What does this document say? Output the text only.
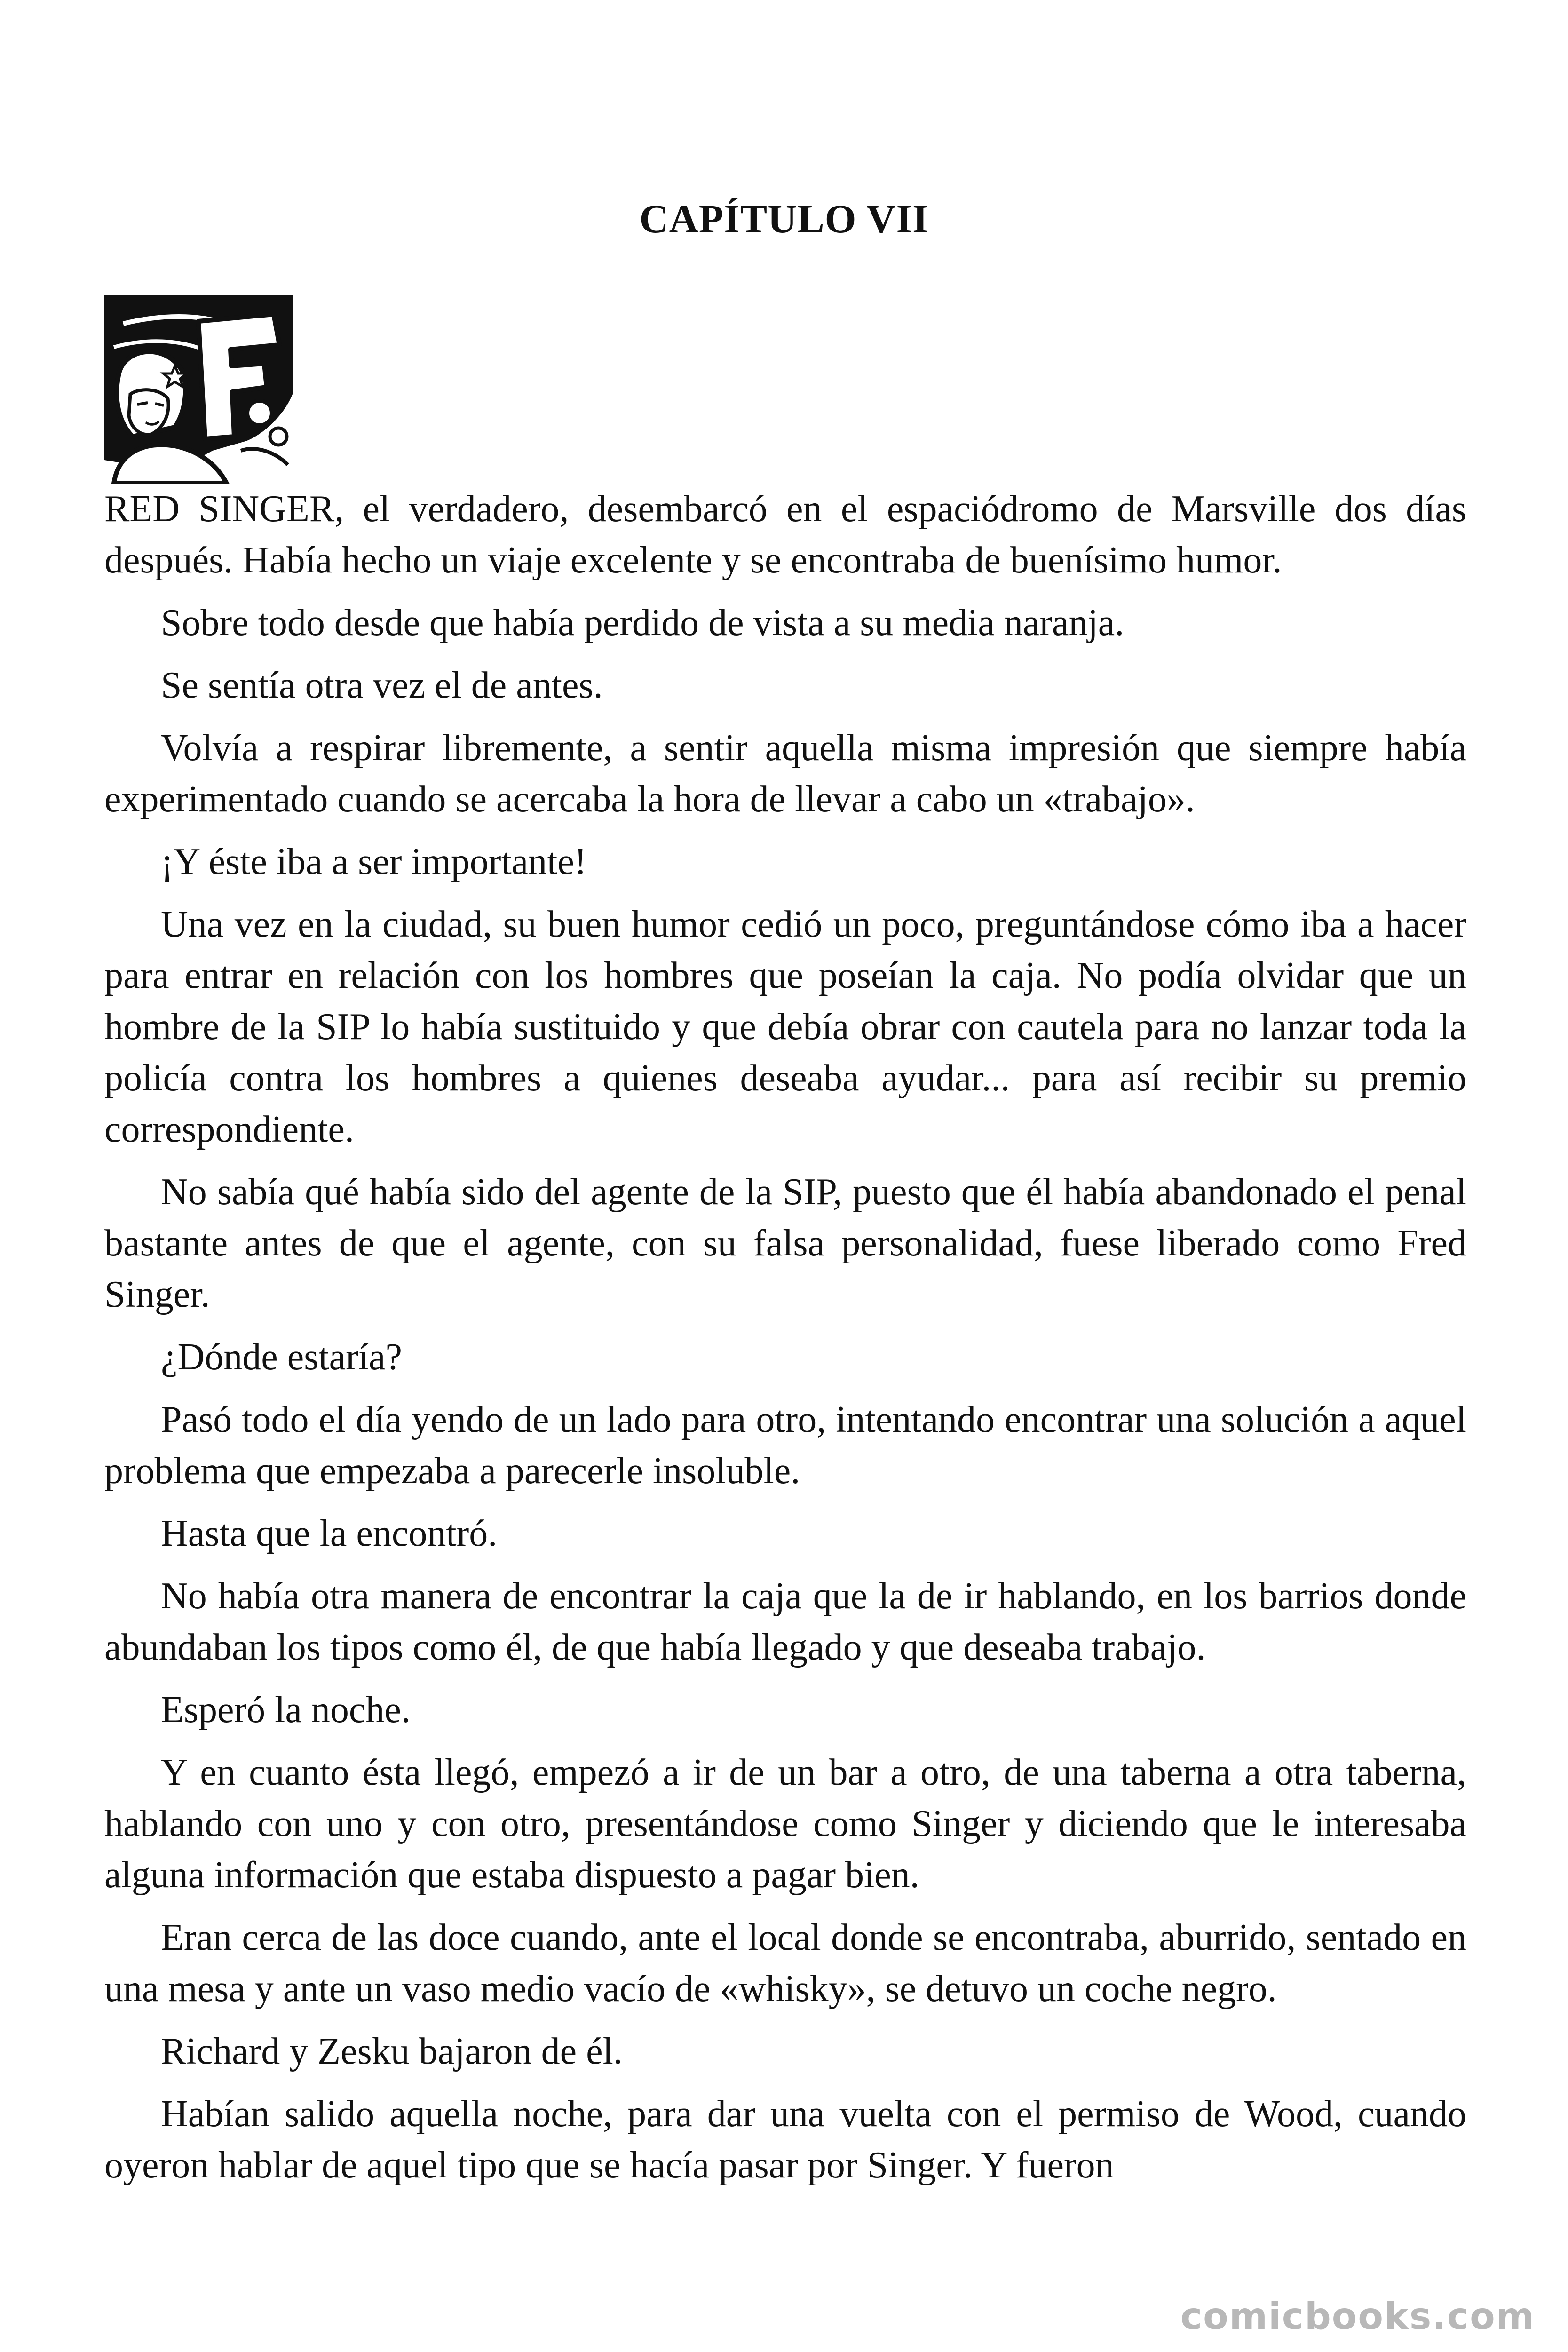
CAPÍTULO VII

RED SINGER, el verdadero, desembarcó en el espaciódromo de Marsville dos días después. Había hecho un viaje excelente y se encontraba de buenísimo humor.

Sobre todo desde que había perdido de vista a su media naranja.

Se sentía otra vez el de antes.

Volvía a respirar libremente, a sentir aquella misma impresión que siempre había experimentado cuando se acercaba la hora de llevar a cabo un «trabajo».

¡Y éste iba a ser importante!

Una vez en la ciudad, su buen humor cedió un poco, preguntándose cómo iba a hacer para entrar en relación con los hombres que poseían la caja. No podía olvidar que un hombre de la SIP lo había sustituido y que debía obrar con cautela para no lanzar toda la policía contra los hombres a quienes deseaba ayudar... para así recibir su premio correspondiente.

No sabía qué había sido del agente de la SIP, puesto que él había abandonado el penal bastante antes de que el agente, con su falsa personalidad, fuese liberado como Fred Singer.

¿Dónde estaría?

Pasó todo el día yendo de un lado para otro, intentando encontrar una solución a aquel problema que empezaba a parecerle insoluble.

Hasta que la encontró.

No había otra manera de encontrar la caja que la de ir hablando, en los barrios donde abundaban los tipos como él, de que había llegado y que deseaba trabajo.

Esperó la noche.

Y en cuanto ésta llegó, empezó a ir de un bar a otro, de una taberna a otra taberna, hablando con uno y con otro, presentándose como Singer y diciendo que le interesaba alguna información que estaba dispuesto a pagar bien.

Eran cerca de las doce cuando, ante el local donde se encontraba, aburrido, sentado en una mesa y ante un vaso medio vacío de «whisky», se detuvo un coche negro.

Richard y Zesku bajaron de él.

Habían salido aquella noche, para dar una vuelta con el permiso de Wood, cuando oyeron hablar de aquel tipo que se hacía pasar por Singer. Y fueron

comicbooks.com
